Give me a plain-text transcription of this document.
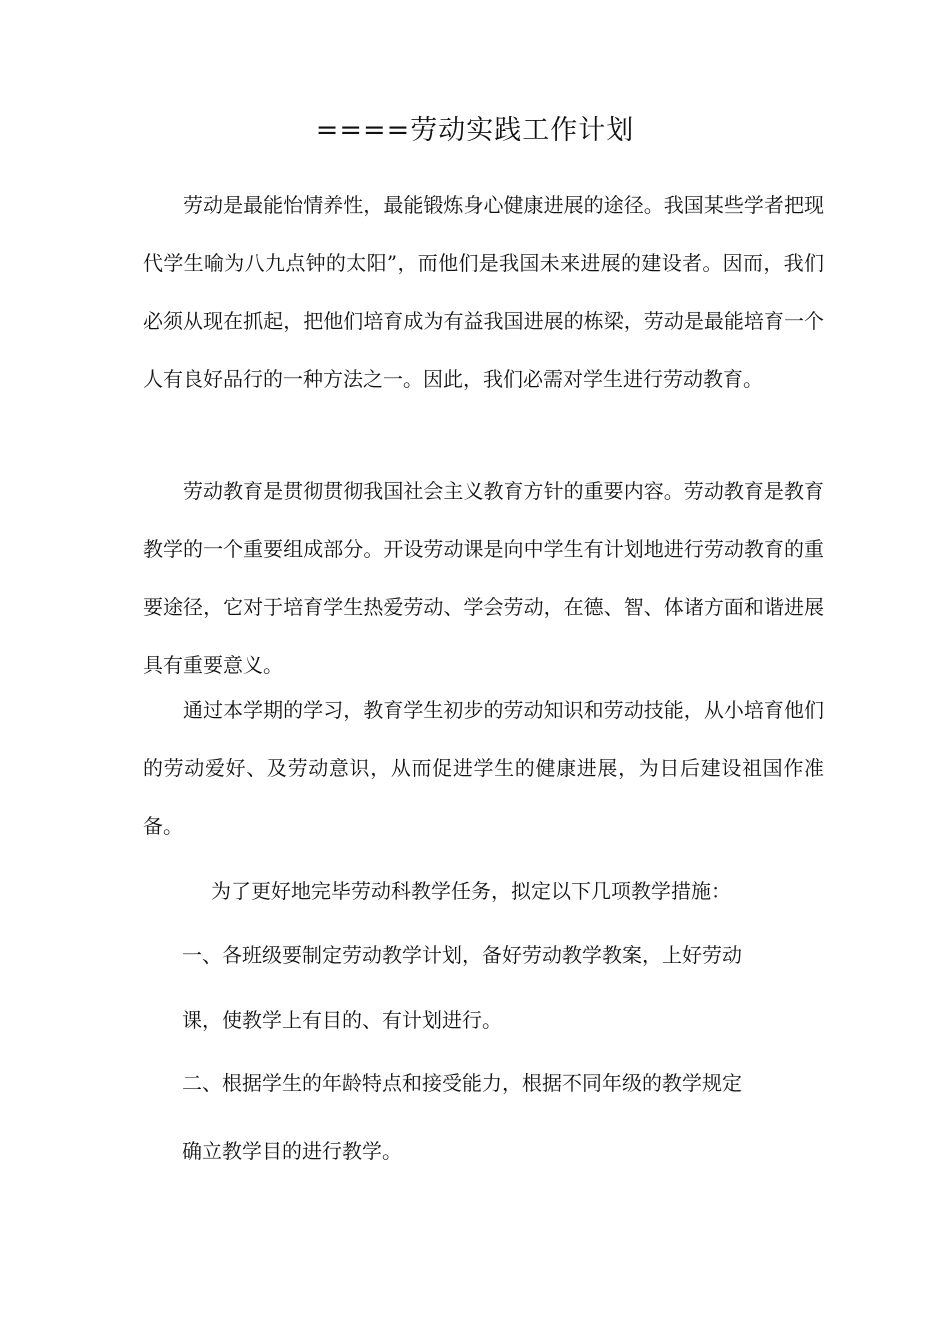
====劳动实践工作计划

劳动是最能怡情养性，最能锻炼身心健康进展的途径。我国某些学者把现代学生喻为八九点钟的太阳”，而他们是我国未来进展的建设者。因而，我们必须从现在抓起，把他们培育成为有益我国进展的栋梁，劳动是最能培育一个人有良好品行的一种方法之一。因此，我们必需对学生进行劳动教育。

劳动教育是贯彻贯彻我国社会主义教育方针的重要内容。劳动教育是教育教学的一个重要组成部分。开设劳动课是向中学生有计划地进行劳动教育的重要途径，它对于培育学生热爱劳动、学会劳动，在德、智、体诸方面和谐进展具有重要意义。

通过本学期的学习，教育学生初步的劳动知识和劳动技能，从小培育他们的劳动爱好、及劳动意识，从而促进学生的健康进展，为日后建设祖国作准备。

为了更好地完毕劳动科教学任务，拟定以下几项教学措施：

一、各班级要制定劳动教学计划，备好劳动教学教案，上好劳动

课，使教学上有目的、有计划进行。

二、根据学生的年龄特点和接受能力，根据不同年级的教学规定

确立教学目的进行教学。
